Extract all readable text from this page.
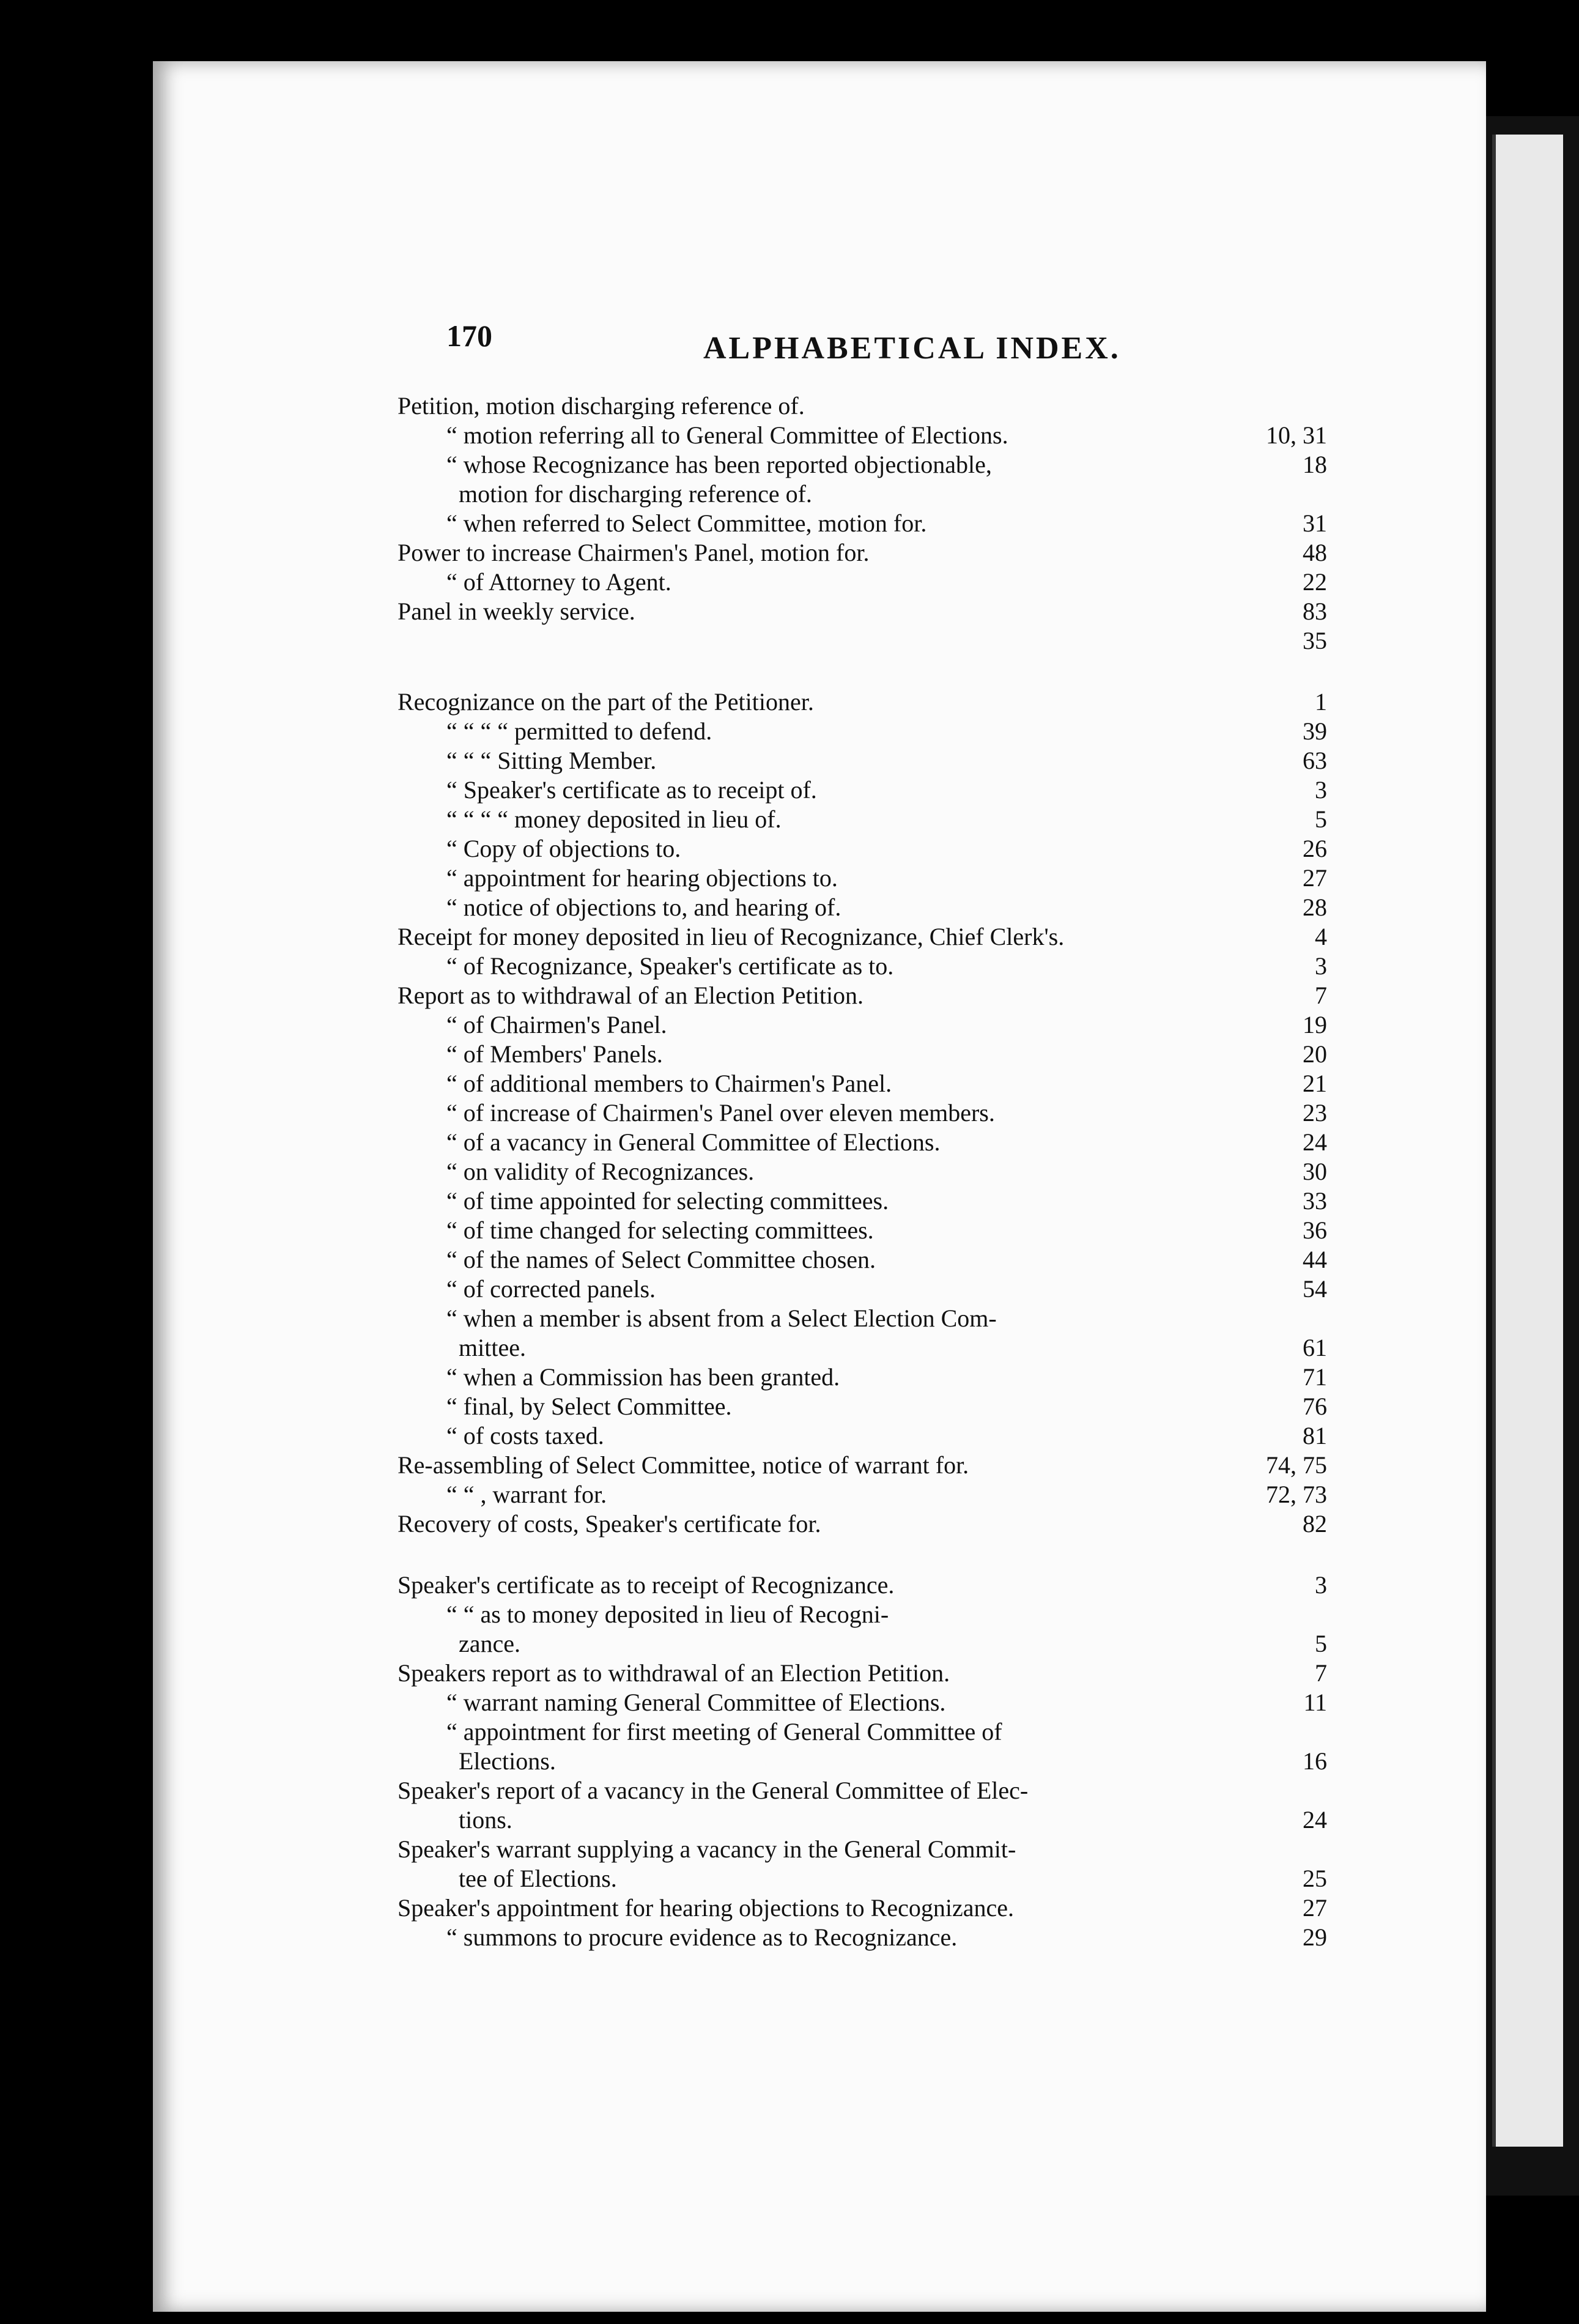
170	ALPHABETICAL INDEX.
Petition, motion discharging reference of.
“ motion referring all to General Committee of Elections.	10, 31
“ whose Recognizance has been reported objectionable,	18
motion for discharging reference of.
“ when referred to Select Committee, motion for.	31
Power to increase Chairmen's Panel, motion for.	48
“ of Attorney to Agent.	22
Panel in weekly service.	83
35
Recognizance on the part of the Petitioner.	1
“ “ “ “ permitted to defend.	39
“ “ “ Sitting Member.	63
“ Speaker's certificate as to receipt of.	3
“ “ “ “ money deposited in lieu of.	5
“ Copy of objections to.	26
“ appointment for hearing objections to.	27
“ notice of objections to, and hearing of.	28
Receipt for money deposited in lieu of Recognizance, Chief Clerk's.	4
“ of Recognizance, Speaker's certificate as to.	3
Report as to withdrawal of an Election Petition.	7
“ of Chairmen's Panel.	19
“ of Members' Panels.	20
“ of additional members to Chairmen's Panel.	21
“ of increase of Chairmen's Panel over eleven members.	23
“ of a vacancy in General Committee of Elections.	24
“ on validity of Recognizances.	30
“ of time appointed for selecting committees.	33
“ of time changed for selecting committees.	36
“ of the names of Select Committee chosen.	44
“ of corrected panels.	54
“ when a member is absent from a Select Election Com-
mittee.	61
“ when a Commission has been granted.	71
“ final, by Select Committee.	76
“ of costs taxed.	81
Re-assembling of Select Committee, notice of warrant for.	74, 75
“ “ , warrant for.	72, 73
Recovery of costs, Speaker's certificate for.	82
Speaker's certificate as to receipt of Recognizance.	3
“ “ as to money deposited in lieu of Recogni-
zance.	5
Speakers report as to withdrawal of an Election Petition.	7
“ warrant naming General Committee of Elections.	11
“ appointment for first meeting of General Committee of
Elections.	16
Speaker's report of a vacancy in the General Committee of Elec-
tions.	24
Speaker's warrant supplying a vacancy in the General Commit-
tee of Elections.	25
Speaker's appointment for hearing objections to Recognizance.	27
“ summons to procure evidence as to Recognizance.	29
